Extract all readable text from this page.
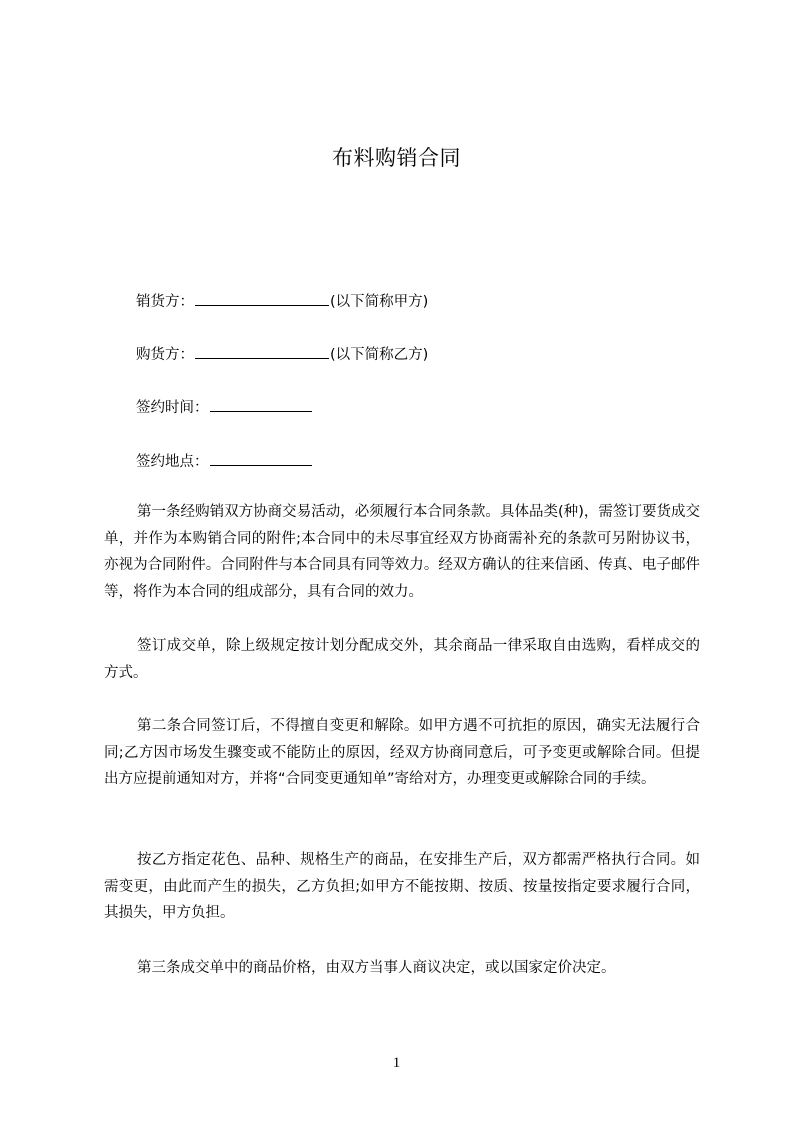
布料购销合同
销货方：	(以下简称甲方)
购货方：	(以下简称乙方)
签约时间：
签约地点：

第一条经购销双方协商交易活动，必须履行本合同条款。具体品类(种)，需签订要货成交单，并作为本购销合同的附件;本合同中的未尽事宜经双方协商需补充的条款可另附协议书，亦视为合同附件。合同附件与本合同具有同等效力。经双方确认的往来信函、传真、电子邮件等，将作为本合同的组成部分，具有合同的效力。

签订成交单，除上级规定按计划分配成交外，其余商品一律采取自由选购，看样成交的方式。

第二条合同签订后，不得擅自变更和解除。如甲方遇不可抗拒的原因，确实无法履行合同;乙方因市场发生骤变或不能防止的原因，经双方协商同意后，可予变更或解除合同。但提出方应提前通知对方，并将“合同变更通知单”寄给对方，办理变更或解除合同的手续。

按乙方指定花色、品种、规格生产的商品，在安排生产后，双方都需严格执行合同。如需变更，由此而产生的损失，乙方负担;如甲方不能按期、按质、按量按指定要求履行合同，其损失，甲方负担。

第三条成交单中的商品价格，由双方当事人商议决定，或以国家定价决定。

1
